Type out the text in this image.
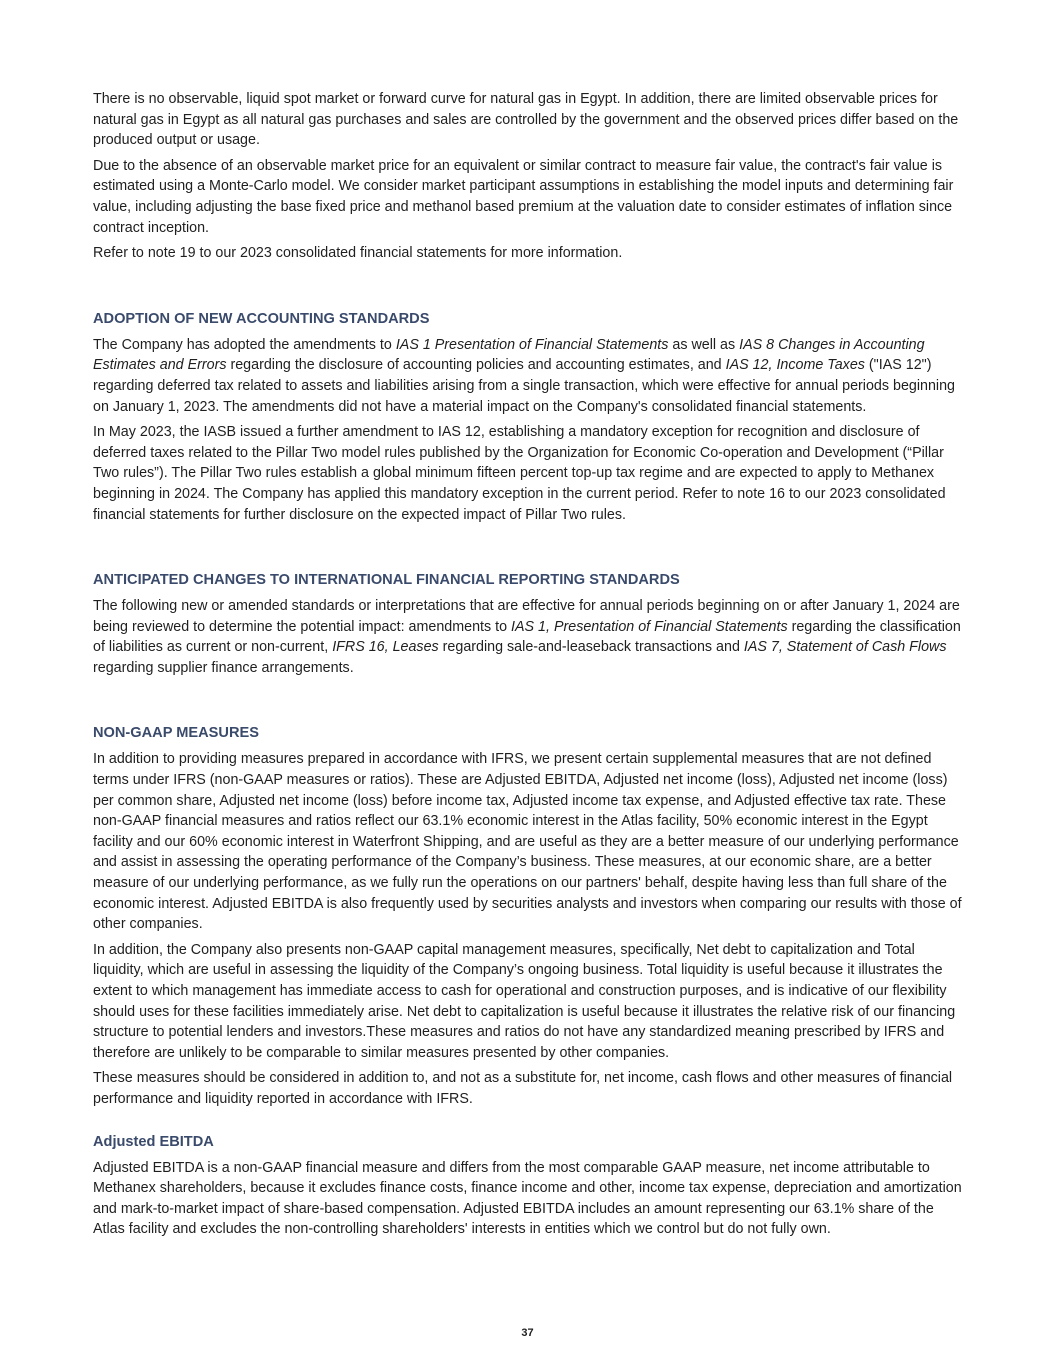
There is no observable, liquid spot market or forward curve for natural gas in Egypt. In addition, there are limited observable prices for natural gas in Egypt as all natural gas purchases and sales are controlled by the government and the observed prices differ based on the produced output or usage.

Due to the absence of an observable market price for an equivalent or similar contract to measure fair value, the contract's fair value is estimated using a Monte-Carlo model. We consider market participant assumptions in establishing the model inputs and determining fair value, including adjusting the base fixed price and methanol based premium at the valuation date to consider estimates of inflation since contract inception.

Refer to note 19 to our 2023 consolidated financial statements for more information.

ADOPTION OF NEW ACCOUNTING STANDARDS

The Company has adopted the amendments to IAS 1 Presentation of Financial Statements as well as IAS 8 Changes in Accounting Estimates and Errors regarding the disclosure of accounting policies and accounting estimates, and IAS 12, Income Taxes ("IAS 12") regarding deferred tax related to assets and liabilities arising from a single transaction, which were effective for annual periods beginning on January 1, 2023. The amendments did not have a material impact on the Company's consolidated financial statements.

In May 2023, the IASB issued a further amendment to IAS 12, establishing a mandatory exception for recognition and disclosure of deferred taxes related to the Pillar Two model rules published by the Organization for Economic Co-operation and Development (“Pillar Two rules”). The Pillar Two rules establish a global minimum fifteen percent top-up tax regime and are expected to apply to Methanex beginning in 2024. The Company has applied this mandatory exception in the current period. Refer to note 16 to our 2023 consolidated financial statements for further disclosure on the expected impact of Pillar Two rules.

ANTICIPATED CHANGES TO INTERNATIONAL FINANCIAL REPORTING STANDARDS

The following new or amended standards or interpretations that are effective for annual periods beginning on or after January 1, 2024 are being reviewed to determine the potential impact: amendments to IAS 1, Presentation of Financial Statements regarding the classification of liabilities as current or non-current, IFRS 16, Leases regarding sale-and-leaseback transactions and IAS 7, Statement of Cash Flows regarding supplier finance arrangements.

NON-GAAP MEASURES

In addition to providing measures prepared in accordance with IFRS, we present certain supplemental measures that are not defined terms under IFRS (non-GAAP measures or ratios). These are Adjusted EBITDA, Adjusted net income (loss), Adjusted net income (loss) per common share, Adjusted net income (loss) before income tax, Adjusted income tax expense, and Adjusted effective tax rate. These non-GAAP financial measures and ratios reflect our 63.1% economic interest in the Atlas facility, 50% economic interest in the Egypt facility and our 60% economic interest in Waterfront Shipping, and are useful as they are a better measure of our underlying performance and assist in assessing the operating performance of the Company’s business. These measures, at our economic share, are a better measure of our underlying performance, as we fully run the operations on our partners' behalf, despite having less than full share of the economic interest. Adjusted EBITDA is also frequently used by securities analysts and investors when comparing our results with those of other companies.

In addition, the Company also presents non-GAAP capital management measures, specifically, Net debt to capitalization and Total liquidity, which are useful in assessing the liquidity of the Company’s ongoing business. Total liquidity is useful because it illustrates the extent to which management has immediate access to cash for operational and construction purposes, and is indicative of our flexibility should uses for these facilities immediately arise. Net debt to capitalization is useful because it illustrates the relative risk of our financing structure to potential lenders and investors.These measures and ratios do not have any standardized meaning prescribed by IFRS and therefore are unlikely to be comparable to similar measures presented by other companies.

These measures should be considered in addition to, and not as a substitute for, net income, cash flows and other measures of financial performance and liquidity reported in accordance with IFRS.

Adjusted EBITDA

Adjusted EBITDA is a non-GAAP financial measure and differs from the most comparable GAAP measure, net income attributable to Methanex shareholders, because it excludes finance costs, finance income and other, income tax expense, depreciation and amortization and mark-to-market impact of share-based compensation. Adjusted EBITDA includes an amount representing our 63.1% share of the Atlas facility and excludes the non-controlling shareholders' interests in entities which we control but do not fully own.

37
